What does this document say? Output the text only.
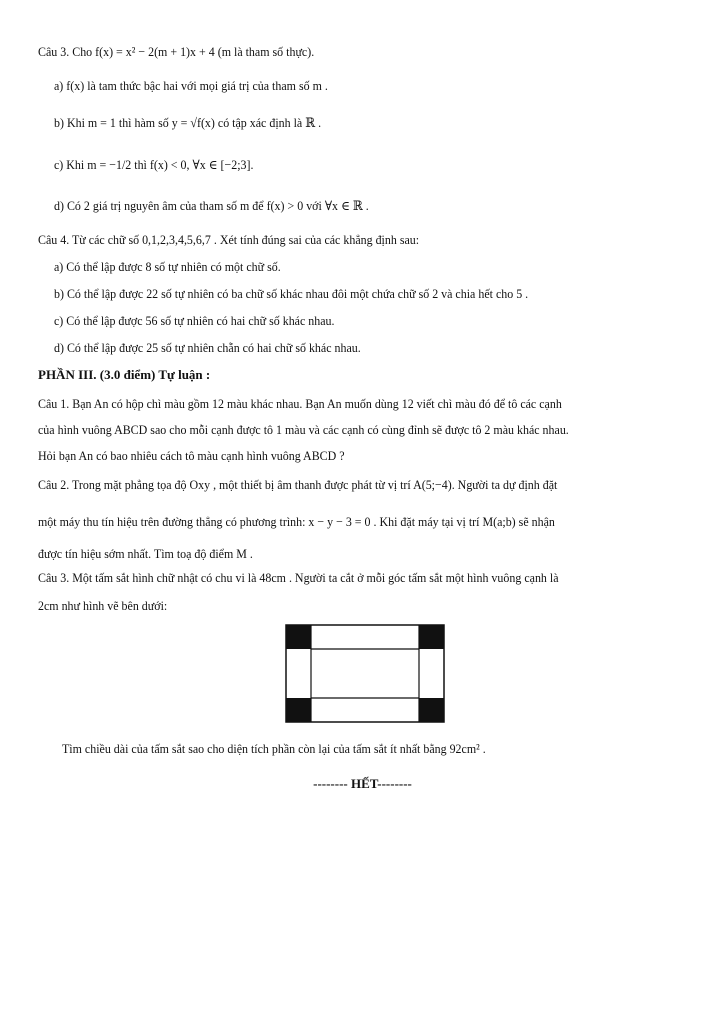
Câu 3. Cho f(x) = x² − 2(m + 1)x + 4 (m là tham số thực).
a) f(x) là tam thức bậc hai với mọi giá trị của tham số m .
b) Khi m = 1 thì hàm số y = √f(x) có tập xác định là ℝ .
c) Khi m = −1/2 thì f(x) < 0, ∀x ∈ [−2;3].
d) Có 2 giá trị nguyên âm của tham số m để f(x) > 0 với ∀x ∈ ℝ .
Câu 4. Từ các chữ số 0,1,2,3,4,5,6,7 . Xét tính đúng sai của các khẳng định sau:
a) Có thể lập được 8 số tự nhiên có một chữ số.
b) Có thể lập được 22 số tự nhiên có ba chữ số khác nhau đôi một chứa chữ số 2 và chia hết cho 5 .
c) Có thể lập được 56 số tự nhiên có hai chữ số khác nhau.
d) Có thể lập được 25 số tự nhiên chẵn có hai chữ số khác nhau.
PHẦN III. (3.0 điểm) Tự luận :
Câu 1. Bạn An có hộp chì màu gồm 12 màu khác nhau. Bạn An muốn dùng 12 viết chì màu đó để tô các cạnh
của hình vuông ABCD sao cho mỗi cạnh được tô 1 màu và các cạnh có cùng đỉnh sẽ được tô 2 màu khác nhau.
Hỏi bạn An có bao nhiêu cách tô màu cạnh hình vuông ABCD ?
Câu 2. Trong mặt phẳng tọa độ Oxy , một thiết bị âm thanh được phát từ vị trí A(5;−4). Người ta dự định đặt
một máy thu tín hiệu trên đường thẳng có phương trình: x − y − 3 = 0 . Khi đặt máy tại vị trí M(a;b) sẽ nhận
được tín hiệu sớm nhất. Tìm toạ độ điểm M .
Câu 3. Một tấm sắt hình chữ nhật có chu vi là 48cm . Người ta cắt ở mỗi góc tấm sắt một hình vuông cạnh là
2cm như hình vẽ bên dưới:
Tìm chiều dài của tấm sắt sao cho diện tích phần còn lại của tấm sắt ít nhất bằng 92cm² .
-------- HẾT--------
